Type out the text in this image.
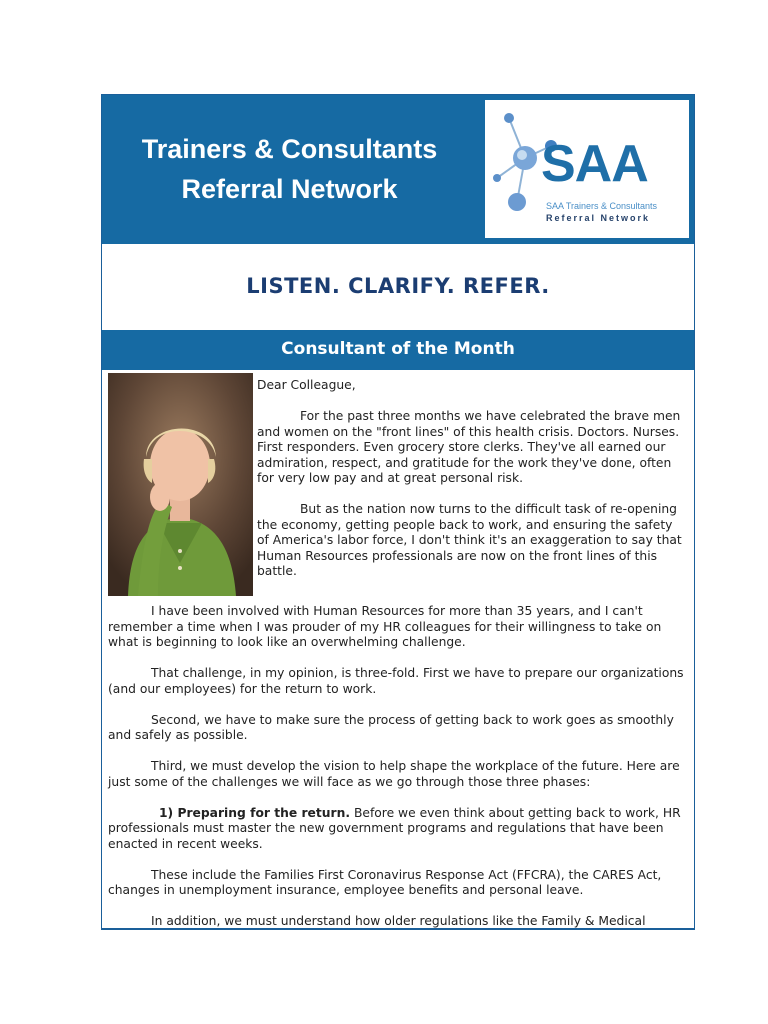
Trainers & Consultants
Referral Network	SAA
SAA Trainers & Consultants
Referral Network
LISTEN. CLARIFY. REFER.
Consultant of the Month

Dear Colleague,

For the past three months we have celebrated the brave men and women on the "front lines" of this health crisis. Doctors. Nurses. First responders. Even grocery store clerks. They've all earned our admiration, respect, and gratitude for the work they've done, often for very low pay and at great personal risk.

But as the nation now turns to the difficult task of re-opening the economy, getting people back to work, and ensuring the safety of America's labor force, I don't think it's an exaggeration to say that Human Resources professionals are now on the front lines of this battle.

I have been involved with Human Resources for more than 35 years, and I can't remember a time when I was prouder of my HR colleagues for their willingness to take on what is beginning to look like an overwhelming challenge.

That challenge, in my opinion, is three-fold. First we have to prepare our organizations (and our employees) for the return to work.

Second, we have to make sure the process of getting back to work goes as smoothly and safely as possible.

Third, we must develop the vision to help shape the workplace of the future. Here are just some of the challenges we will face as we go through those three phases:

1) Preparing for the return. Before we even think about getting back to work, HR professionals must master the new government programs and regulations that have been enacted in recent weeks.

These include the Families First Coronavirus Response Act (FFCRA), the CARES Act, changes in unemployment insurance, employee benefits and personal leave.

In addition, we must understand how older regulations like the Family & Medical
